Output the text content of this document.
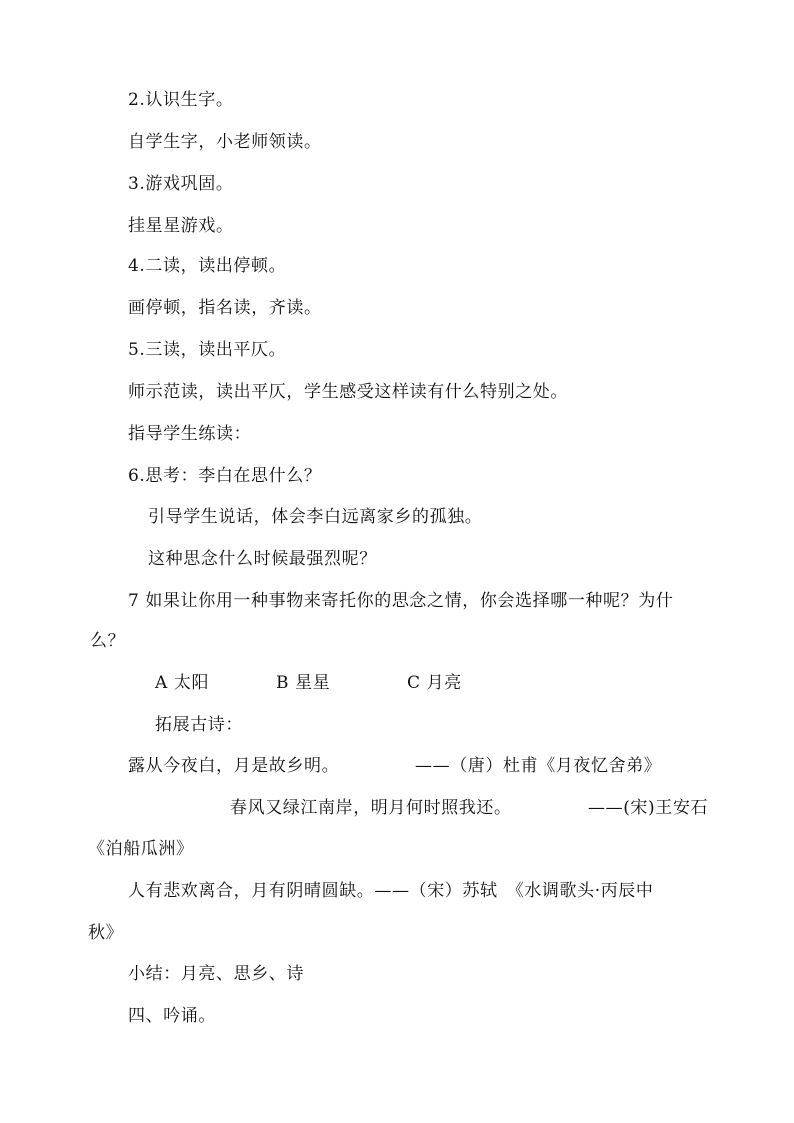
2.认识生字。
自学生字，小老师领读。
3.游戏巩固。
挂星星游戏。
4.二读，读出停顿。
画停顿，指名读，齐读。
5.三读，读出平仄。
师示范读，读出平仄，学生感受这样读有什么特别之处。
指导学生练读：
6.思考：李白在思什么？
引导学生说话，体会李白远离家乡的孤独。
这种思念什么时候最强烈呢？
7 如果让你用一种事物来寄托你的思念之情，你会选择哪一种呢？为什
么？
A 太阳	B 星星	C 月亮
拓展古诗：
露从今夜白，月是故乡明。	——（唐）杜甫《月夜忆舍弟》
春风又绿江南岸，明月何时照我还。	——(宋)王安石
《泊船瓜洲》
人有悲欢离合，月有阴晴圆缺。——（宋）苏轼　《水调歌头·丙辰中
秋》
小结：月亮、思乡、诗
四、吟诵。
